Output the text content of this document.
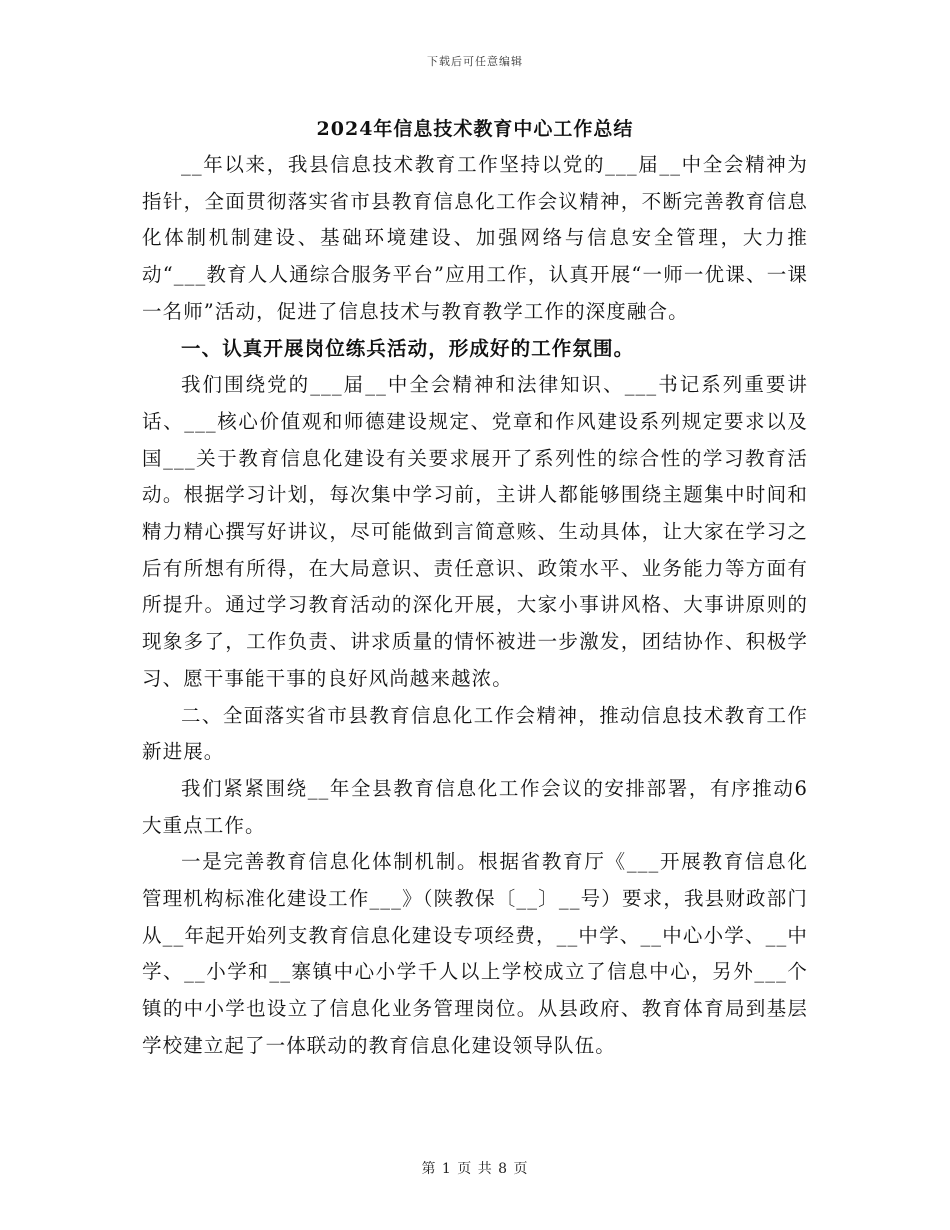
下载后可任意编辑
2024年信息技术教育中心工作总结

__年以来，我县信息技术教育工作坚持以党的___届__中全会精神为指针，全面贯彻落实省市县教育信息化工作会议精神，不断完善教育信息化体制机制建设、基础环境建设、加强网络与信息安全管理，大力推动“___教育人人通综合服务平台”应用工作，认真开展“一师一优课、一课一名师”活动，促进了信息技术与教育教学工作的深度融合。

一、认真开展岗位练兵活动，形成好的工作氛围。

我们围绕党的___届__中全会精神和法律知识、___书记系列重要讲话、___核心价值观和师德建设规定、党章和作风建设系列规定要求以及国___关于教育信息化建设有关要求展开了系列性的综合性的学习教育活动。根据学习计划，每次集中学习前，主讲人都能够围绕主题集中时间和精力精心撰写好讲议，尽可能做到言简意赅、生动具体，让大家在学习之后有所想有所得，在大局意识、责任意识、政策水平、业务能力等方面有所提升。通过学习教育活动的深化开展，大家小事讲风格、大事讲原则的现象多了，工作负责、讲求质量的情怀被进一步激发，团结协作、积极学习、愿干事能干事的良好风尚越来越浓。

二、全面落实省市县教育信息化工作会精神，推动信息技术教育工作新进展。

我们紧紧围绕__年全县教育信息化工作会议的安排部署，有序推动6大重点工作。

一是完善教育信息化体制机制。根据省教育厅《___开展教育信息化管理机构标准化建设工作___》（陕教保〔__〕__号）要求，我县财政部门从__年起开始列支教育信息化建设专项经费，__中学、__中心小学、__中学、__小学和__寨镇中心小学千人以上学校成立了信息中心，另外___个镇的中小学也设立了信息化业务管理岗位。从县政府、教育体育局到基层学校建立起了一体联动的教育信息化建设领导队伍。

第 1 页 共 8 页
